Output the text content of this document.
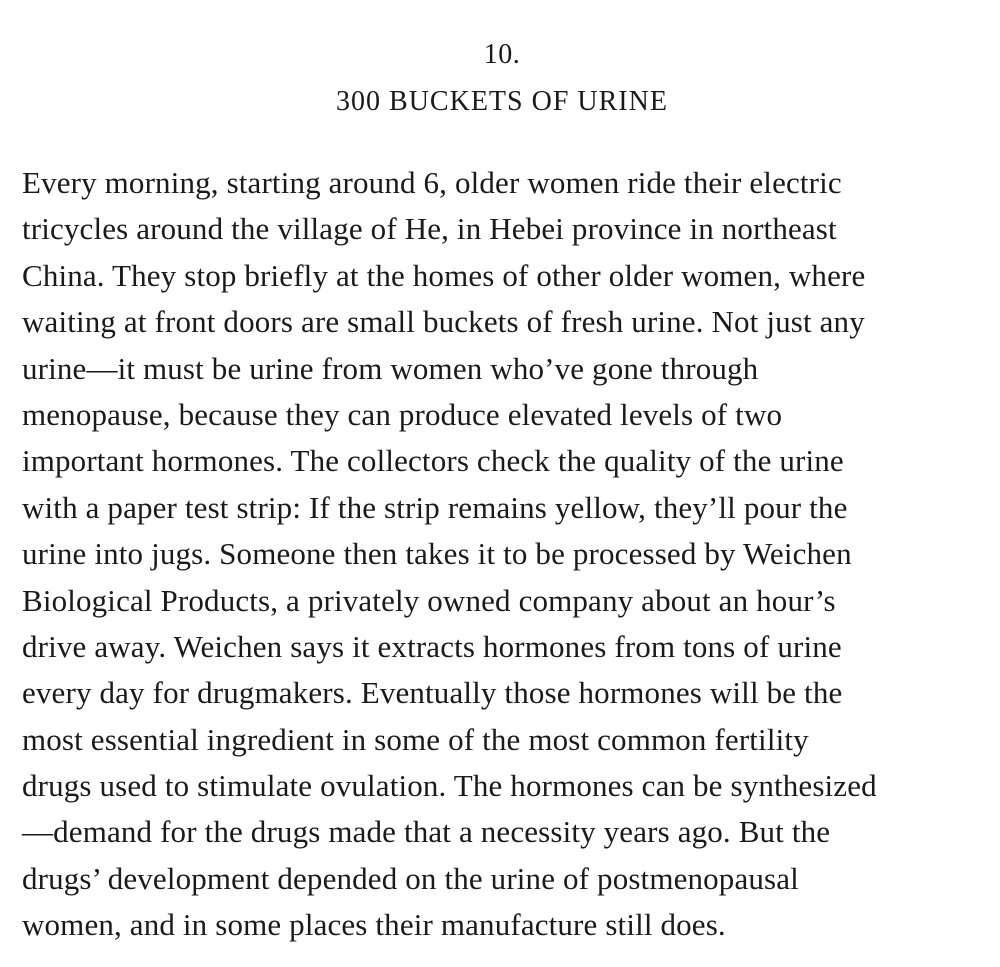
10.
300 BUCKETS OF URINE
Every morning, starting around 6, older women ride their electric
tricycles around the village of He, in Hebei province in northeast
China. They stop briefly at the homes of other older women, where
waiting at front doors are small buckets of fresh urine. Not just any
urine—it must be urine from women who’ve gone through
menopause, because they can produce elevated levels of two
important hormones. The collectors check the quality of the urine
with a paper test strip: If the strip remains yellow, they’ll pour the
urine into jugs. Someone then takes it to be processed by Weichen
Biological Products, a privately owned company about an hour’s
drive away. Weichen says it extracts hormones from tons of urine
every day for drugmakers. Eventually those hormones will be the
most essential ingredient in some of the most common fertility
drugs used to stimulate ovulation. The hormones can be synthesized
—demand for the drugs made that a necessity years ago. But the
drugs’ development depended on the urine of postmenopausal
women, and in some places their manufacture still does.
